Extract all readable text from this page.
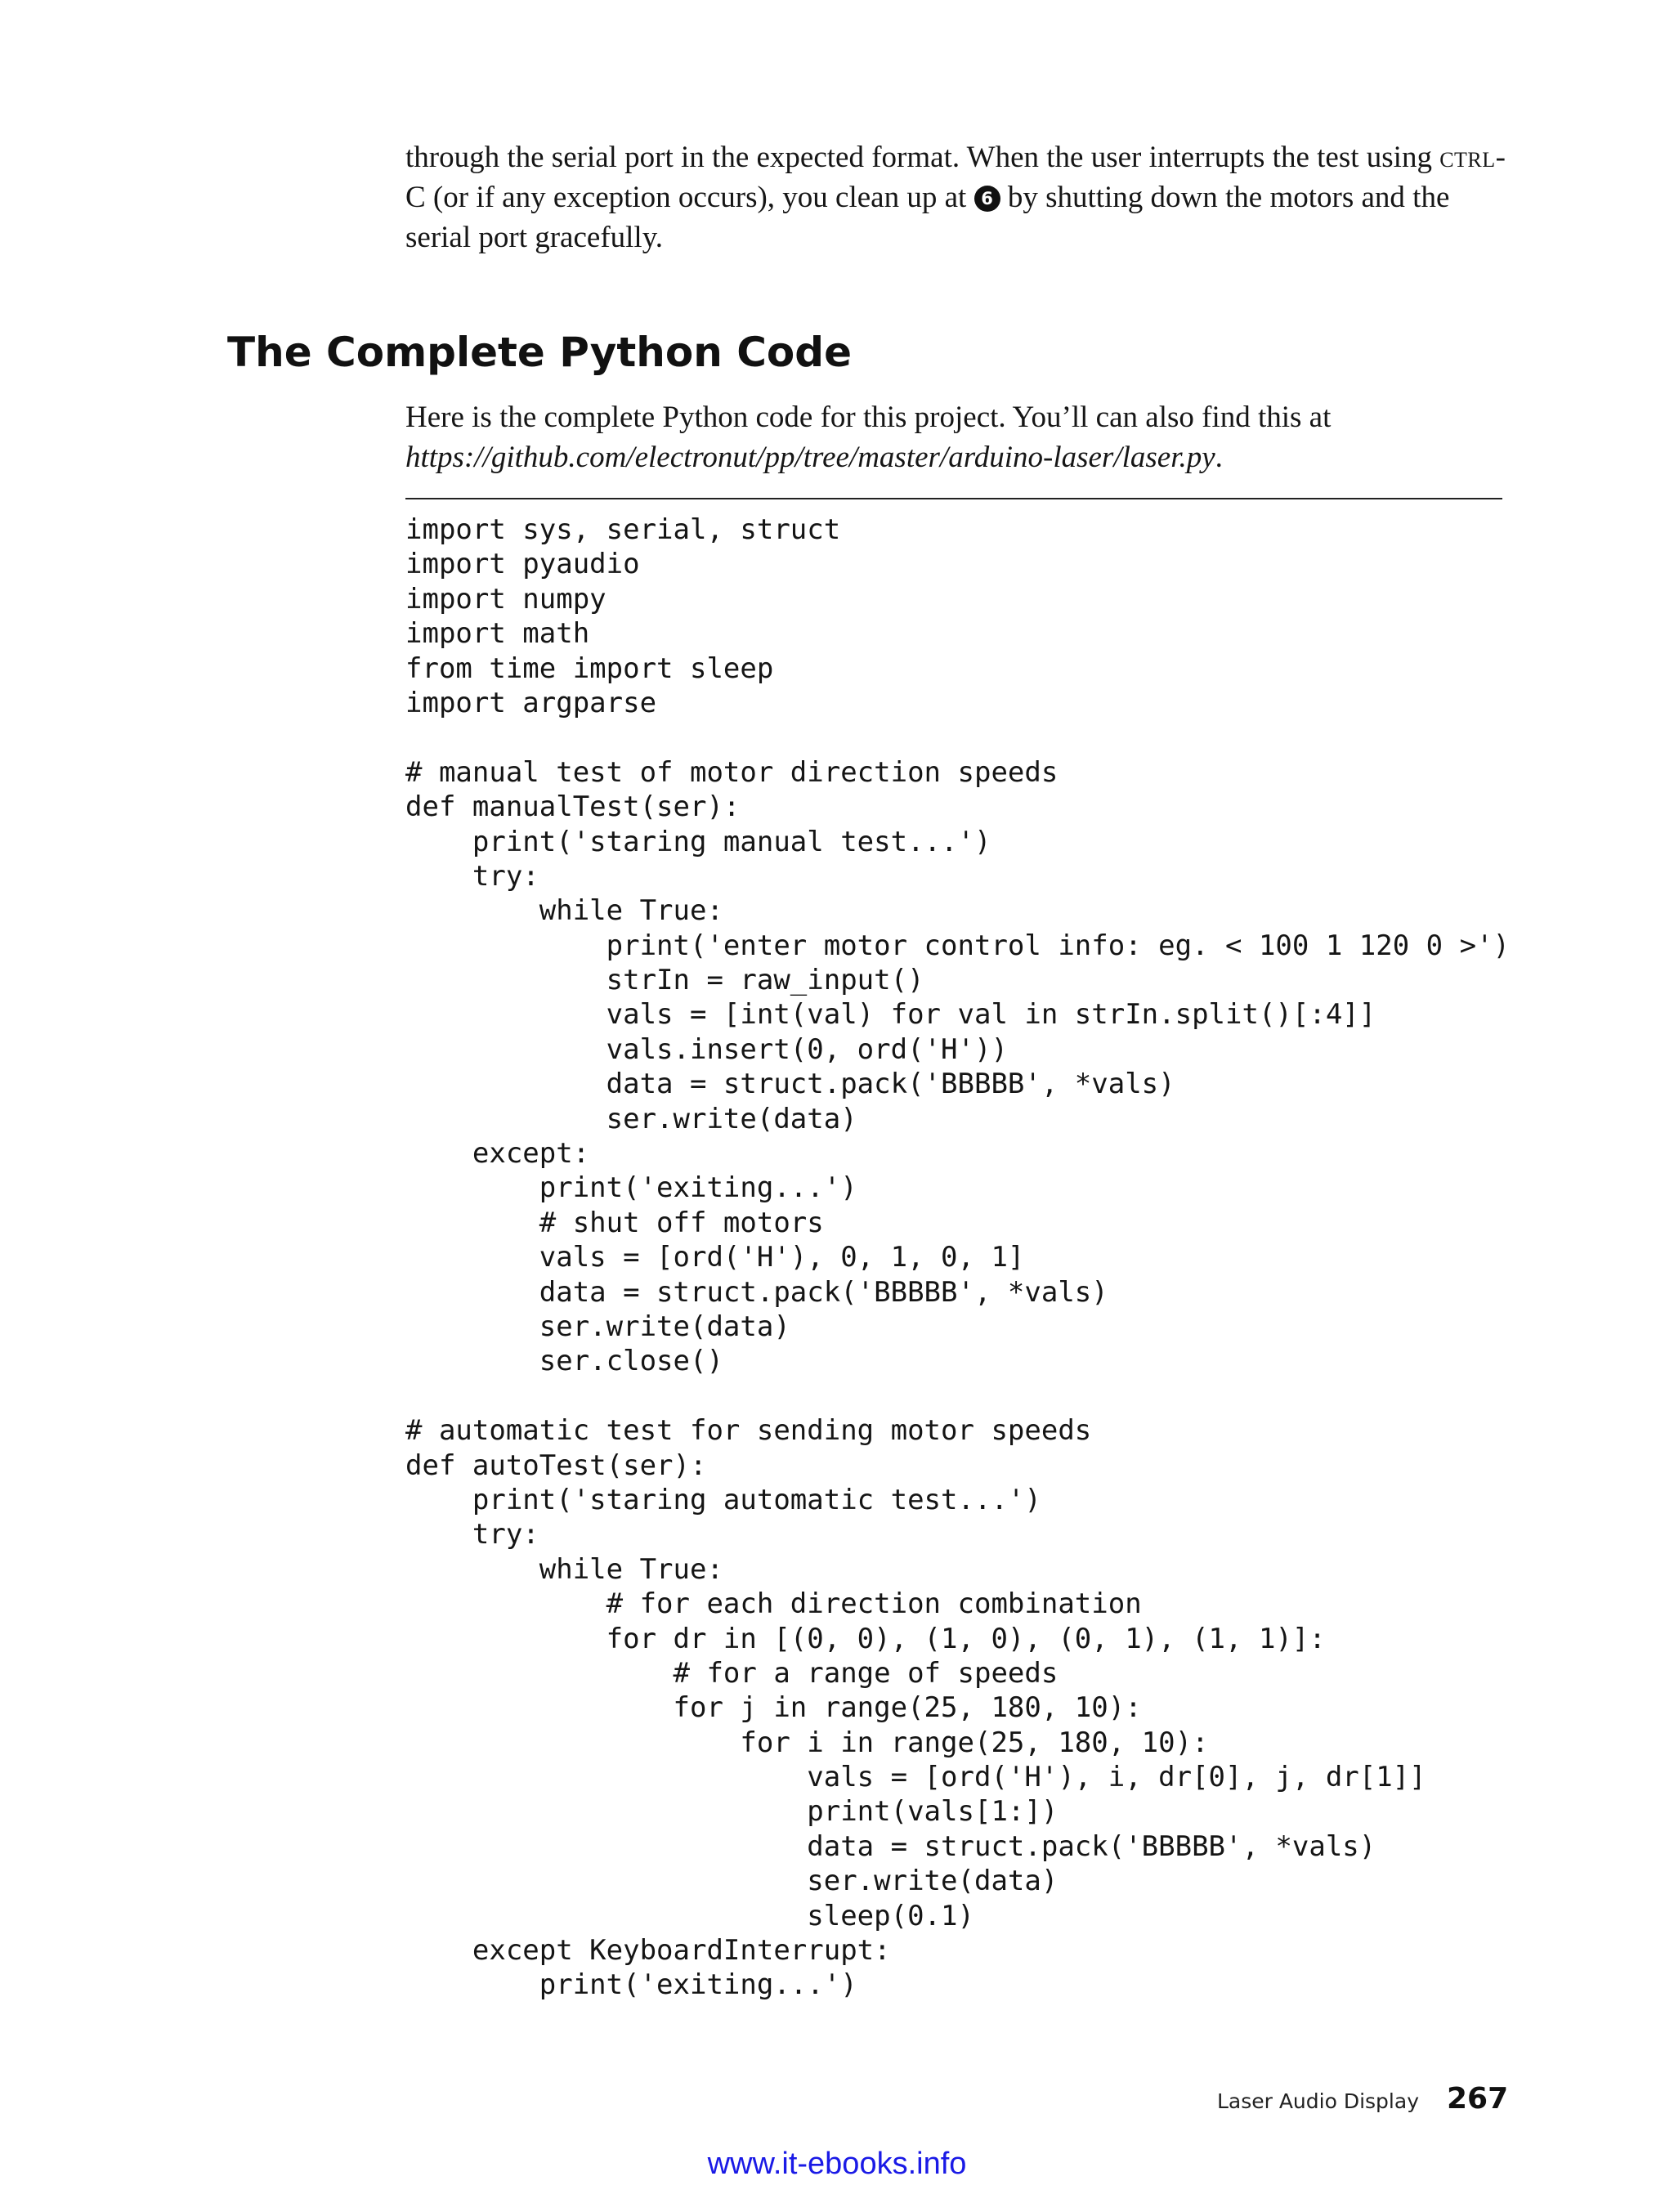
through the serial port in the expected format. When the user interrupts the test using ctrl-C (or if any exception occurs), you clean up at 6 by shutting down the motors and the serial port gracefully.

The Complete Python Code

Here is the complete Python code for this project. You’ll can also find this at https://github.com/electronut/pp/tree/master/arduino-laser/laser.py.

import sys, serial, struct
import pyaudio
import numpy
import math
from time import sleep
import argparse
# manual test of motor direction speeds
def manualTest(ser):
print('staring manual test...')
try:
while True:
print('enter motor control info: eg. < 100 1 120 0 >')
strIn = raw_input()
vals = [int(val) for val in strIn.split()[:4]]
vals.insert(0, ord('H'))
data = struct.pack('BBBBB', *vals)
ser.write(data)
except:
print('exiting...')
# shut off motors
vals = [ord('H'), 0, 1, 0, 1]
data = struct.pack('BBBBB', *vals)
ser.write(data)
ser.close()
# automatic test for sending motor speeds
def autoTest(ser):
print('staring automatic test...')
try:
while True:
# for each direction combination
for dr in [(0, 0), (1, 0), (0, 1), (1, 1)]:
# for a range of speeds
for j in range(25, 180, 10):
for i in range(25, 180, 10):
vals = [ord('H'), i, dr[0], j, dr[1]]
print(vals[1:])
data = struct.pack('BBBBB', *vals)
ser.write(data)
sleep(0.1)
except KeyboardInterrupt:
print('exiting...')
Laser Audio Display 267
www.it-ebooks.info
